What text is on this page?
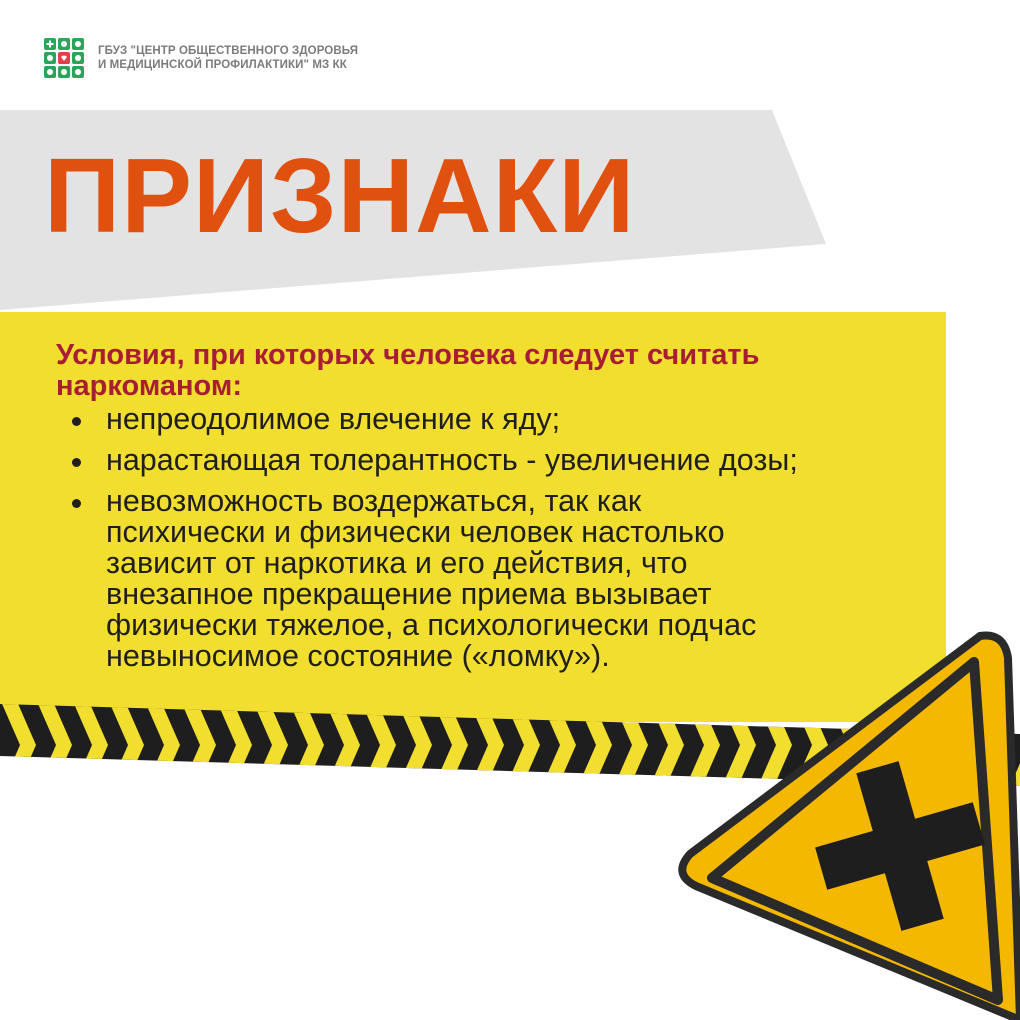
ГБУЗ "ЦЕНТР ОБЩЕСТВЕННОГО ЗДОРОВЬЯ
И МЕДИЦИНСКОЙ ПРОФИЛАКТИКИ" МЗ КК
ПРИЗНАКИ
Условия, при которых человека следует считать
наркоманом:
непреодолимое влечение к яду;
нарастающая толерантность - увеличение дозы;
невозможность воздержаться, так как
психически и физически человек настолько
зависит от наркотика и его действия, что
внезапное прекращение приема вызывает
физически тяжелое, а психологически подчас
невыносимое состояние («ломку»).
